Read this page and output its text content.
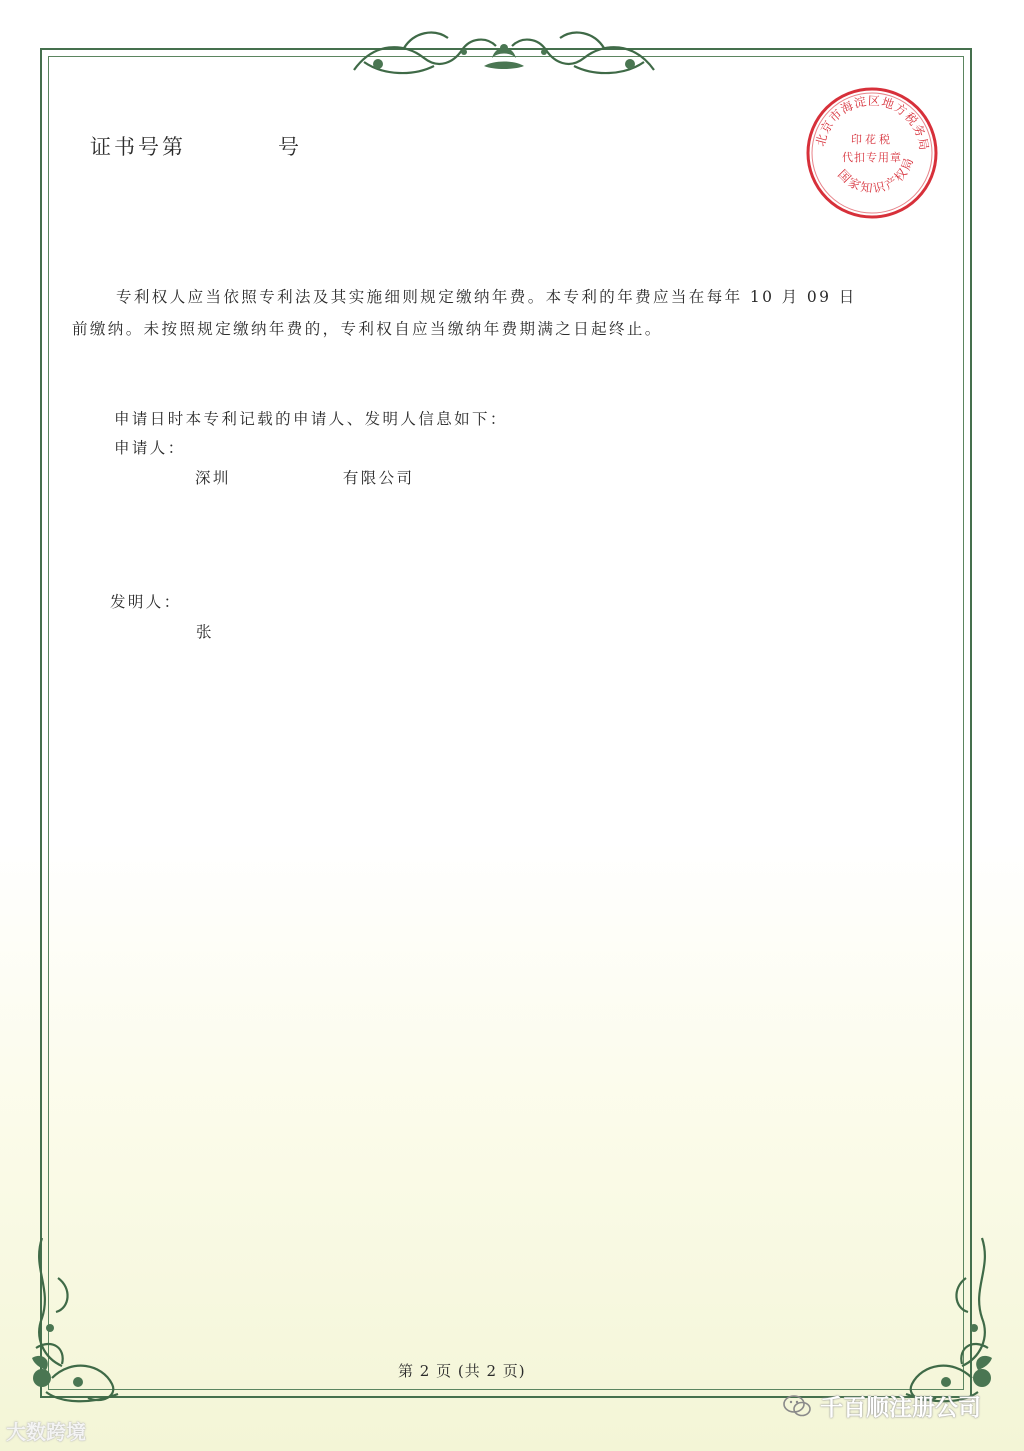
证书号第	号	北京市海淀区地方税务局
印花税
代扣专用章
国家知识产权局
专利权人应当依照专利法及其实施细则规定缴纳年费。本专利的年费应当在每年 10 月 09 日
前缴纳。未按照规定缴纳年费的，专利权自应当缴纳年费期满之日起终止。
申请日时本专利记载的申请人、发明人信息如下：
申请人：
深圳	有限公司
发明人：
张
第 2 页 (共 2 页)
大数跨境
千百顺注册公司
